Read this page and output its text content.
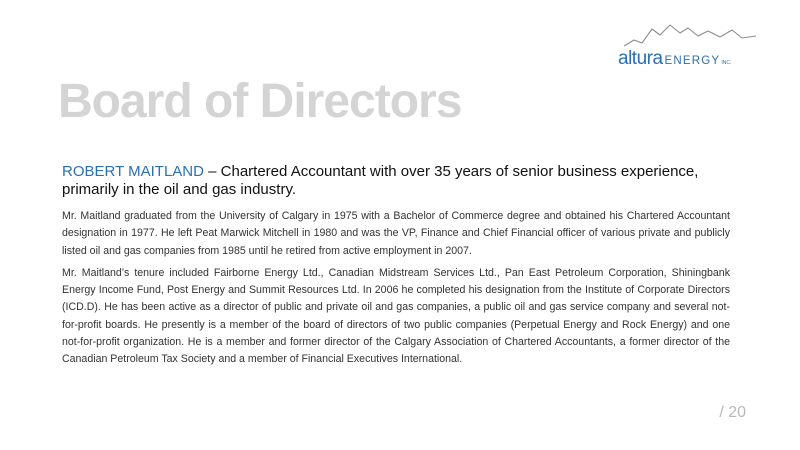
altura ENERGYINC.
Board of Directors

ROBERT MAITLAND – Chartered Accountant with over 35 years of senior business experience, primarily in the oil and gas industry.

Mr. Maitland graduated from the University of Calgary in 1975 with a Bachelor of Commerce degree and obtained his Chartered Accountant designation in 1977. He left Peat Marwick Mitchell in 1980 and was the VP, Finance and Chief Financial officer of various private and publicly listed oil and gas companies from 1985 until he retired from active employment in 2007.

Mr. Maitland’s tenure included Fairborne Energy Ltd., Canadian Midstream Services Ltd., Pan East Petroleum Corporation, Shiningbank Energy Income Fund, Post Energy and Summit Resources Ltd. In 2006 he completed his designation from the Institute of Corporate Directors (ICD.D). He has been active as a director of public and private oil and gas companies, a public oil and gas service company and several not-for-profit boards. He presently is a member of the board of directors of two public companies (Perpetual Energy and Rock Energy) and one not-for-profit organization. He is a member and former director of the Calgary Association of Chartered Accountants, a former director of the Canadian Petroleum Tax Society and a member of Financial Executives International.

/ 20
